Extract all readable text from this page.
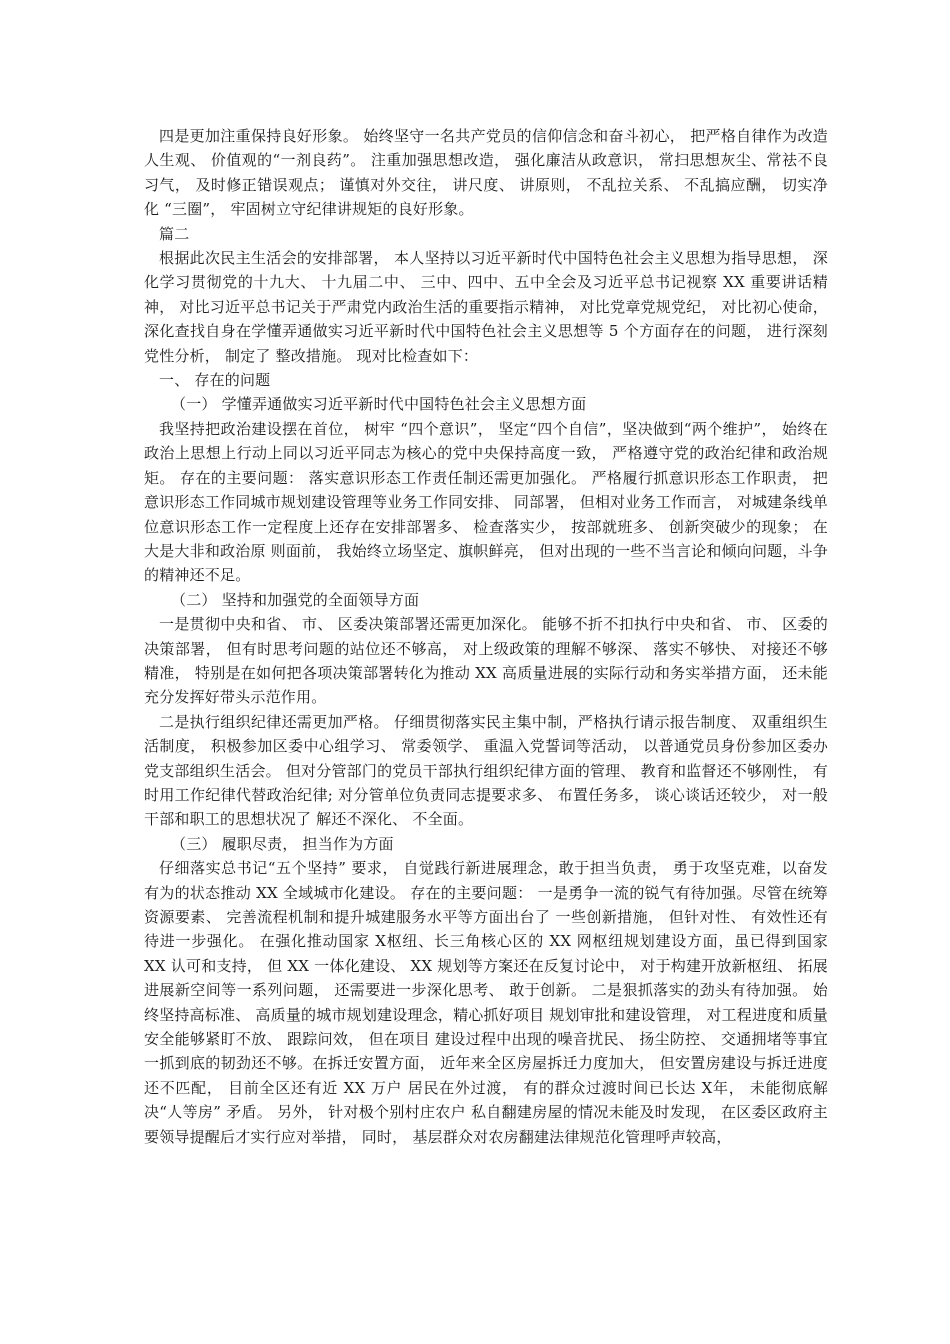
四是更加注重保持良好形象。 始终坚守一名共产党员的信仰信念和奋斗初心， 把严格自律作为改造人生观、 价值观的“一剂良药”。 注重加强思想改造， 强化廉洁从政意识， 常扫思想灰尘、常祛不良习气， 及时修正错误观点； 谨慎对外交往， 讲尺度、 讲原则， 不乱拉关系、 不乱搞应酬， 切实净化 “三圈”， 牢固树立守纪律讲规矩的良好形象。

篇二

根据此次民主生活会的安排部署， 本人坚持以习近平新时代中国特色社会主义思想为指导思想， 深化学习贯彻党的十九大、 十九届二中、 三中、四中、五中全会及习近平总书记视察 XX 重要讲话精神， 对比习近平总书记关于严肃党内政治生活的重要指示精神， 对比党章党规党纪， 对比初心使命， 深化查找自身在学懂弄通做实习近平新时代中国特色社会主义思想等 5 个方面存在的问题， 进行深刻党性分析， 制定了 整改措施。 现对比检查如下：

一、 存在的问题

（一） 学懂弄通做实习近平新时代中国特色社会主义思想方面

我坚持把政治建设摆在首位， 树牢 “四个意识”， 坚定“四个自信”，坚决做到“两个维护”， 始终在政治上思想上行动上同以习近平同志为核心的党中央保持高度一致， 严格遵守党的政治纪律和政治规矩。 存在的主要问题： 落实意识形态工作责任制还需更加强化。 严格履行抓意识形态工作职责， 把意识形态工作同城市规划建设管理等业务工作同安排、 同部署， 但相对业务工作而言， 对城建条线单位意识形态工作一定程度上还存在安排部署多、 检查落实少， 按部就班多、 创新突破少的现象； 在大是大非和政治原 则面前， 我始终立场坚定、旗帜鲜亮， 但对出现的一些不当言论和倾向问题，斗争的精神还不足。

（二） 坚持和加强党的全面领导方面

一是贯彻中央和省、 市、 区委决策部署还需更加深化。 能够不折不扣执行中央和省、 市、 区委的决策部署， 但有时思考问题的站位还不够高， 对上级政策的理解不够深、 落实不够快、 对接还不够精准， 特别是在如何把各项决策部署转化为推动 XX 高质量进展的实际行动和务实举措方面， 还未能充分发挥好带头示范作用。

二是执行组织纪律还需更加严格。 仔细贯彻落实民主集中制，严格执行请示报告制度、 双重组织生活制度， 积极参加区委中心组学习、 常委领学、 重温入党誓词等活动， 以普通党员身份参加区委办党支部组织生活会。 但对分管部门的党员干部执行组织纪律方面的管理、 教育和监督还不够刚性， 有时用工作纪律代替政治纪律; 对分管单位负责同志提要求多、 布置任务多， 谈心谈话还较少， 对一般干部和职工的思想状况了 解还不深化、 不全面。

（三） 履职尽责， 担当作为方面

仔细落实总书记“五个坚持” 要求， 自觉践行新进展理念，敢于担当负责， 勇于攻坚克难，以奋发有为的状态推动 XX 全域城市化建设。 存在的主要问题： 一是勇争一流的锐气有待加强。尽管在统筹资源要素、 完善流程机制和提升城建服务水平等方面出台了 一些创新措施， 但针对性、 有效性还有待进一步强化。 在强化推动国家 X枢纽、长三角核心区的 XX 网枢纽规划建设方面，虽已得到国家 XX 认可和支持， 但 XX 一体化建设、 XX 规划等方案还在反复讨论中， 对于构建开放新枢纽、 拓展进展新空间等一系列问题， 还需要进一步深化思考、 敢于创新。 二是狠抓落实的劲头有待加强。 始终坚持高标准、 高质量的城市规划建设理念，精心抓好项目 规划审批和建设管理， 对工程进度和质量安全能够紧盯不放、 跟踪问效， 但在项目 建设过程中出现的噪音扰民、 扬尘防控、 交通拥堵等事宜一抓到底的韧劲还不够。在拆迁安置方面， 近年来全区房屋拆迁力度加大， 但安置房建设与拆迁进度还不匹配， 目前全区还有近 XX 万户 居民在外过渡， 有的群众过渡时间已长达 X年， 未能彻底解决“人等房” 矛盾。 另外， 针对极个别村庄农户 私自翻建房屋的情况未能及时发现， 在区委区政府主要领导提醒后才实行应对举措， 同时， 基层群众对农房翻建法律规范化管理呼声较高，
